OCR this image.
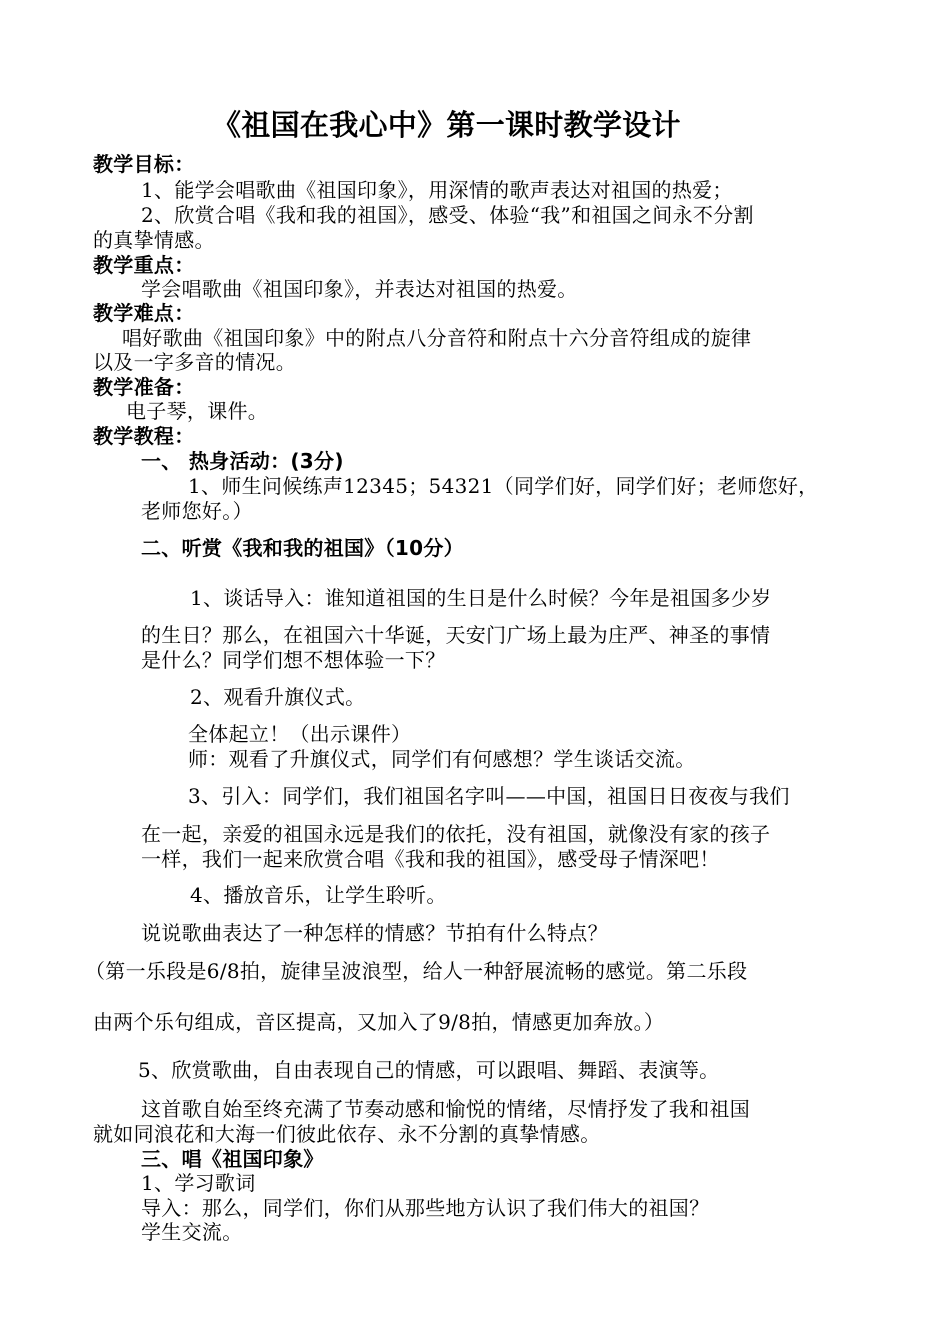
《祖国在我心中》第一课时教学设计
教学目标：
1、能学会唱歌曲《祖国印象》，用深情的歌声表达对祖国的热爱；
2、欣赏合唱《我和我的祖国》，感受、体验“我”和祖国之间永不分割
的真挚情感。
教学重点：
学会唱歌曲《祖国印象》，并表达对祖国的热爱。
教学难点：
唱好歌曲《祖国印象》中的附点八分音符和附点十六分音符组成的旋律
以及一字多音的情况。
教学准备：
电子琴，课件。
教学教程：
一、 热身活动：(3分)
1、师生问候练声12345；54321（同学们好，同学们好；老师您好，
老师您好。）
二、听赏《我和我的祖国》（10分）
1、谈话导入：谁知道祖国的生日是什么时候？今年是祖国多少岁
的生日？那么，在祖国六十华诞，天安门广场上最为庄严、神圣的事情
是什么？同学们想不想体验一下？
2、观看升旗仪式。
全体起立！（出示课件）
师：观看了升旗仪式，同学们有何感想？学生谈话交流。
3、引入：同学们，我们祖国名字叫——中国，祖国日日夜夜与我们
在一起，亲爱的祖国永远是我们的依托，没有祖国，就像没有家的孩子
一样，我们一起来欣赏合唱《我和我的祖国》，感受母子情深吧！
4、播放音乐，让学生聆听。
说说歌曲表达了一种怎样的情感？节拍有什么特点？
（第一乐段是6/8拍，旋律呈波浪型，给人一种舒展流畅的感觉。第二乐段
由两个乐句组成，音区提高，又加入了9/8拍，情感更加奔放。）
5、欣赏歌曲，自由表现自己的情感，可以跟唱、舞蹈、表演等。
这首歌自始至终充满了节奏动感和愉悦的情绪，尽情抒发了我和祖国
就如同浪花和大海一们彼此依存、永不分割的真挚情感。
三、唱《祖国印象》
1、学习歌词
导入：那么，同学们，你们从那些地方认识了我们伟大的祖国？
学生交流。
